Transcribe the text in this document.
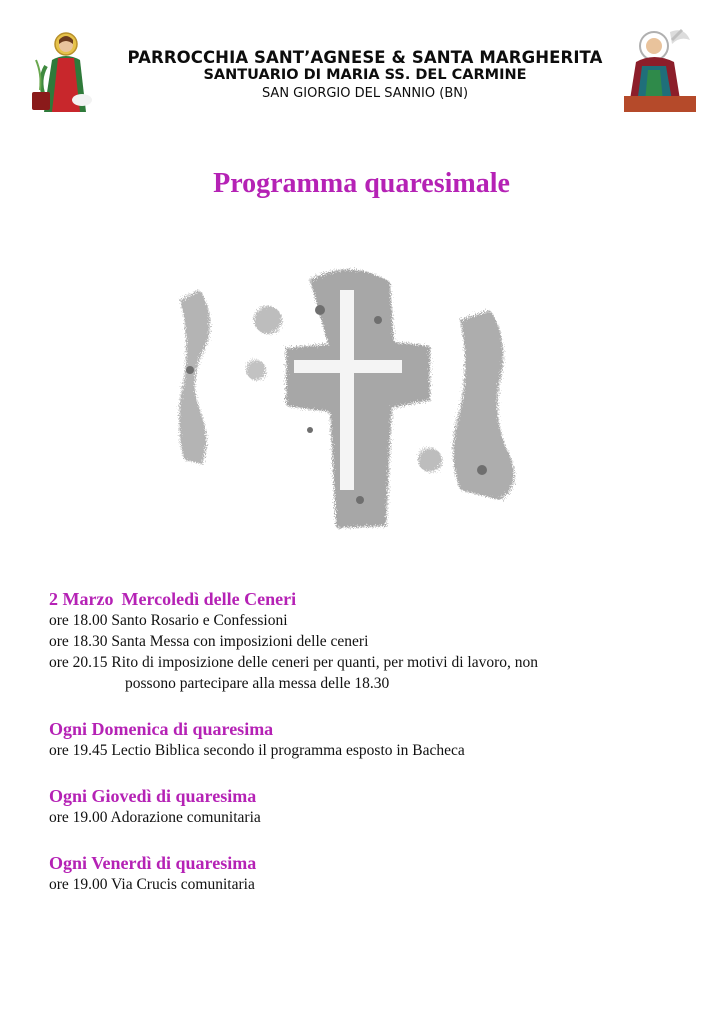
PARROCCHIA SANT’AGNESE & SANTA MARGHERITA
SANTUARIO DI MARIA SS. DEL CARMINE
SAN GIORGIO DEL SANNIO (BN)
Programma quaresimale
2 Marzo Mercoledì delle Ceneri
ore 18.00 Santo Rosario e Confessioni
ore 18.30 Santa Messa con imposizioni delle ceneri
ore 20.15 Rito di imposizione delle ceneri per quanti, per motivi di lavoro, non
possono partecipare alla messa delle 18.30
Ogni Domenica di quaresima
ore 19.45 Lectio Biblica secondo il programma esposto in Bacheca
Ogni Giovedì di quaresima
ore 19.00 Adorazione comunitaria
Ogni Venerdì di quaresima
ore 19.00 Via Crucis comunitaria
